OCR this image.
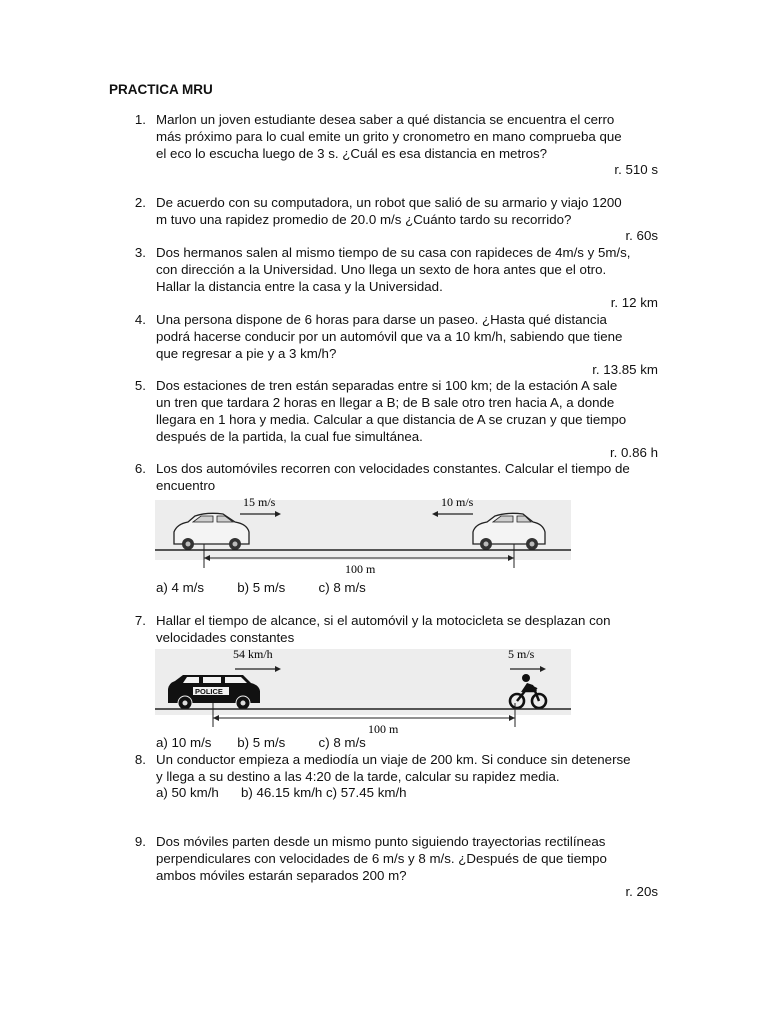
PRACTICA MRU
1. Marlon un joven estudiante desea saber a qué distancia se encuentra el cerro
más próximo para lo cual emite un grito y cronometro en mano comprueba que
el eco lo escucha luego de 3 s. ¿Cuál es esa distancia en metros?
r. 510 s
2. De acuerdo con su computadora, un robot que salió de su armario y viajo 1200
m tuvo una rapidez promedio de 20.0 m/s ¿Cuánto tardo su recorrido?
r. 60s
3. Dos hermanos salen al mismo tiempo de su casa con rapideces de 4m/s y 5m/s,
con dirección a la Universidad. Uno llega un sexto de hora antes que el otro.
Hallar la distancia entre la casa y la Universidad.
r. 12 km
4. Una persona dispone de 6 horas para darse un paseo. ¿Hasta qué distancia
podrá hacerse conducir por un automóvil que va a 10 km/h, sabiendo que tiene
que regresar a pie y a 3 km/h?
r. 13.85 km
5. Dos estaciones de tren están separadas entre si 100 km; de la estación A sale
un tren que tardara 2 horas en llegar a B; de B sale otro tren hacia A, a donde
llegara en 1 hora y media. Calcular a que distancia de A se cruzan y que tiempo
después de la partida, la cual fue simultánea.
r. 0.86 h
6. Los dos automóviles recorren con velocidades constantes. Calcular el tiempo de
encuentro
a) 4 m/s         b) 5 m/s         c) 8 m/s
15 m/s	10 m/s
100 m
7. Hallar el tiempo de alcance, si el automóvil y la motocicleta se desplazan con
velocidades constantes
a) 10 m/s       b) 5 m/s         c) 8 m/s
POLICE
54 km/h	5 m/s
100 m
8. Un conductor empieza a mediodía un viaje de 200 km. Si conduce sin detenerse
y llega a su destino a las 4:20 de la tarde, calcular su rapidez media.
a) 50 km/h      b) 46.15 km/h c) 57.45 km/h
9. Dos móviles parten desde un mismo punto siguiendo trayectorias rectilíneas
perpendiculares con velocidades de 6 m/s y 8 m/s. ¿Después de que tiempo
ambos móviles estarán separados 200 m?
r. 20s
